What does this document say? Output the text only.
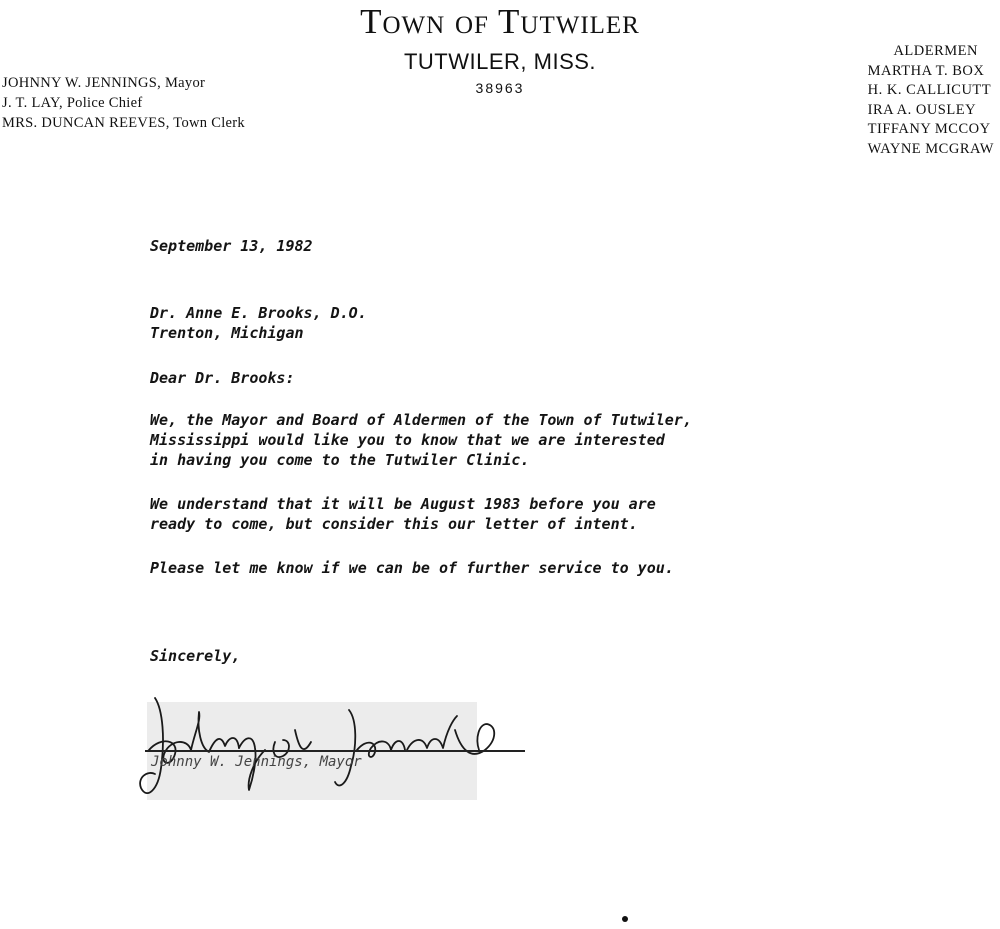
Town of Tutwiler
TUTWILER, MISS.
38963
JOHNNY W. JENNINGS, Mayor
J. T. LAY, Police Chief
MRS. DUNCAN REEVES, Town Clerk
ALDERMEN
MARTHA T. BOX
H. K. CALLICUTT
IRA A. OUSLEY
TIFFANY MCCOY
WAYNE MCGRAW
September 13, 1982
Dr. Anne E. Brooks, D.O.
Trenton, Michigan
Dear Dr. Brooks:
We, the Mayor and Board of Aldermen of the Town of Tutwiler,
Mississippi would like you to know that we are interested
in having you come to the Tutwiler Clinic.
We understand that it will be August 1983 before you are
ready to come, but consider this our letter of intent.
Please let me know if we can be of further service to you.
Sincerely,
Johnny W. Jennings, Mayor
